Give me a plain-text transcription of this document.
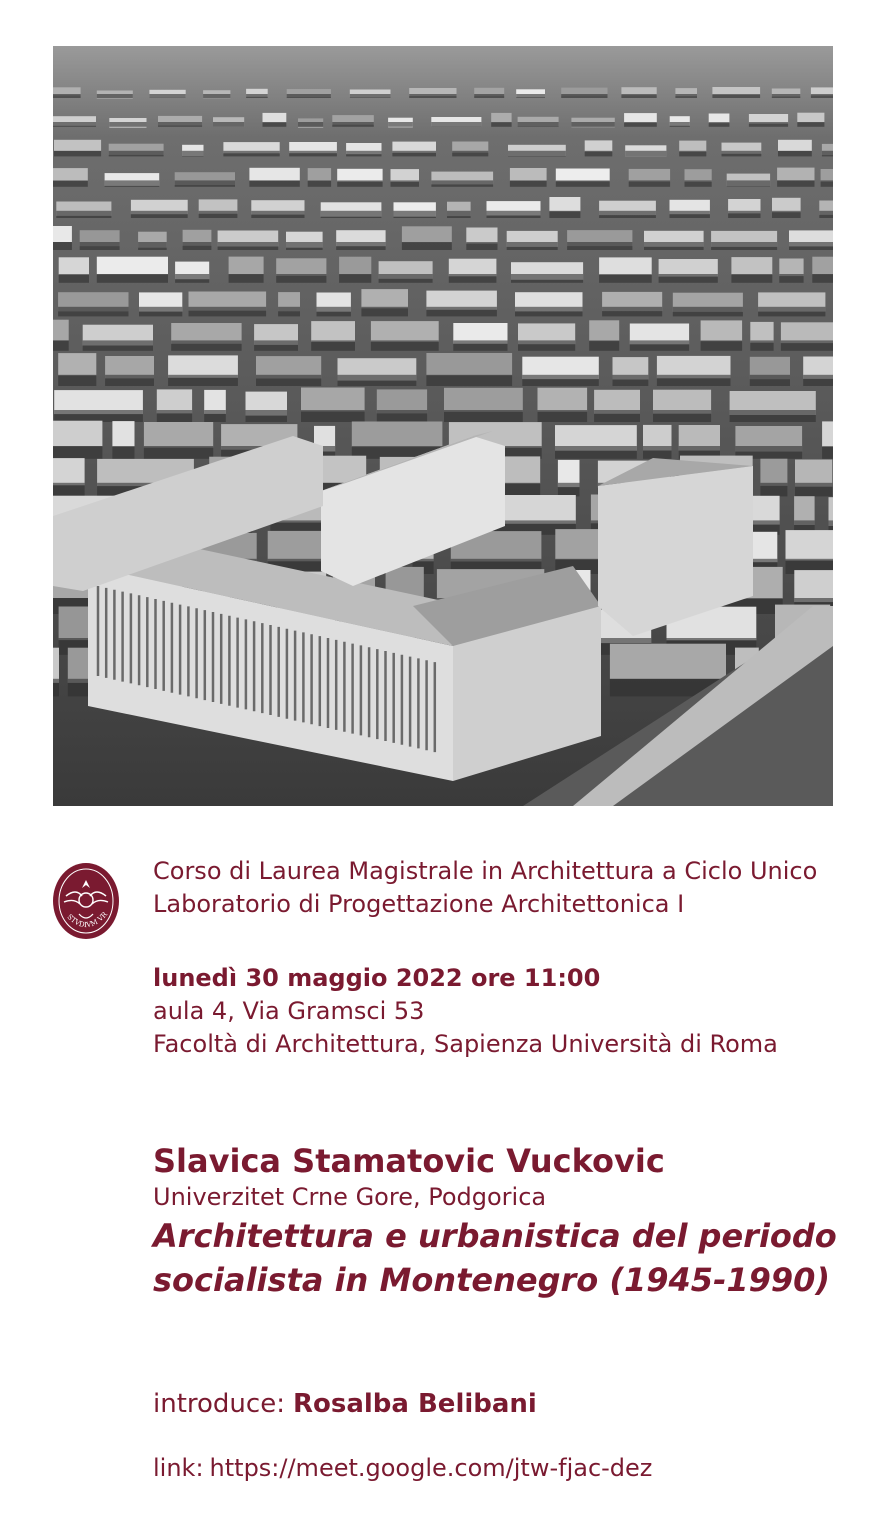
STVDIVM VR
Corso di Laurea Magistrale in Architettura a Ciclo Unico
Laboratorio di Progettazione Architettonica I
lunedì 30 maggio 2022 ore 11:00
aula 4, Via Gramsci 53
Facoltà di Architettura, Sapienza Università di Roma
Slavica Stamatovic Vuckovic
Univerzitet Crne Gore, Podgorica
Architettura e urbanistica del periodo
socialista in Montenegro (1945-1990)
introduce: Rosalba Belibani
link: https://meet.google.com/jtw-fjac-dez
